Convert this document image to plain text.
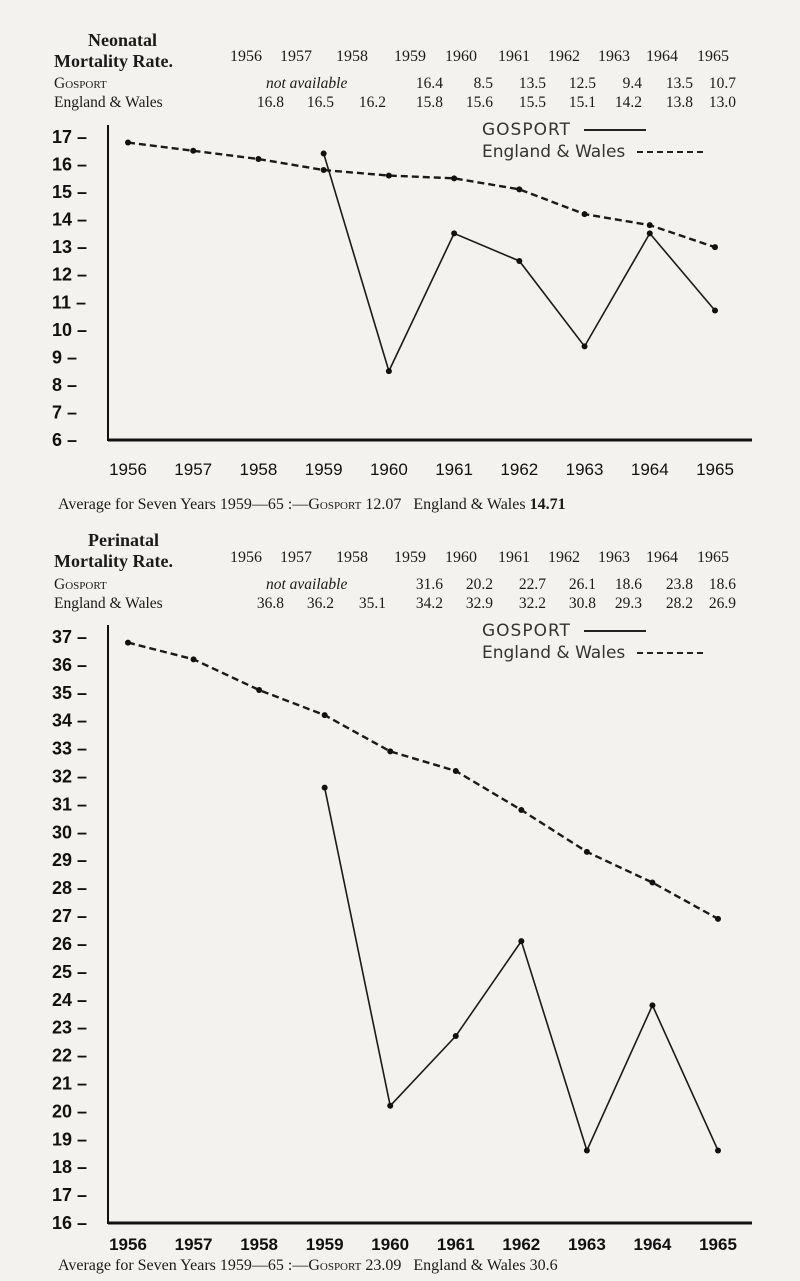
Neonatal
Mortality Rate.	1956 1957 1958 1959 1960 1961 1962 1963 1964 1965
Gosport	not available	16.4	8.5	13.5	12.5	9.4	13.5	10.7
England & Wales	16.8	16.5	16.2	15.8	15.6	15.5	15.1	14.2	13.8	13.0
17 –
16 –
15 –
14 –
13 –
12 –
11 –
10 –
9 –
8 –
7 –
6 –
1956 1957 1958 1959 1960 1961 1962 1963 1964 1965
GOSPORT
England & Wales
Average for Seven Years 1959—65 :—Gosport 12.07 England & Wales 14.71
Perinatal
Mortality Rate.	1956 1957 1958 1959 1960 1961 1962 1963 1964 1965
Gosport	not available	31.6	20.2	22.7	26.1	18.6	23.8	18.6
England & Wales	36.8	36.2	35.1	34.2	32.9	32.2	30.8	29.3	28.2	26.9
37 –
36 –
35 –
34 –
33 –
32 –
31 –
30 –
29 –
28 –
27 –
26 –
25 –
24 –
23 –
22 –
21 –
20 –
19 –
18 –
17 –
16 –
1956 1957 1958 1959 1960 1961 1962 1963 1964 1965
GOSPORT
England & Wales
Average for Seven Years 1959—65 :—Gosport 23.09 England & Wales 30.6
